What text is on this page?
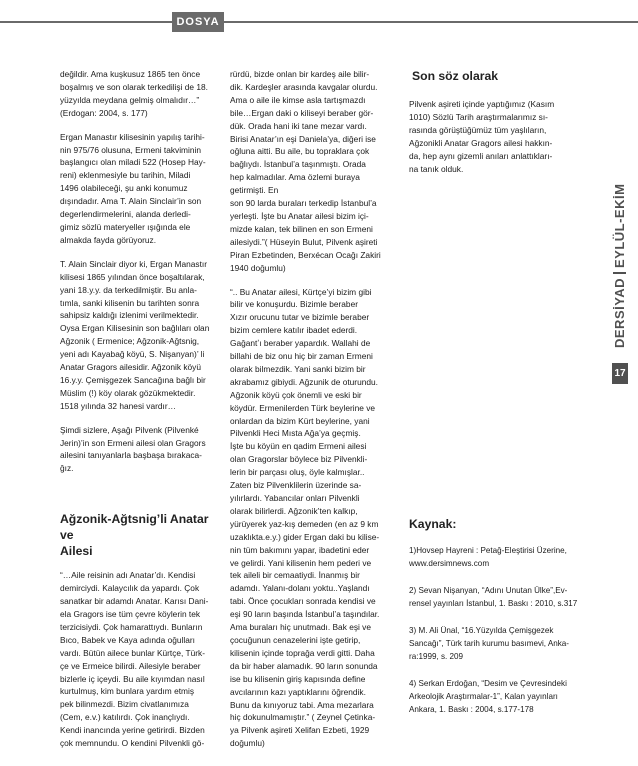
DOSYA

değildir. Ama kuşkusuz 1865 ten önce
boşalmış ve son olarak terkedilişi de 18.
yüzyılda meydana gelmiş olmalıdır…”
(Erdogan: 2004, s. 177)

Ergan Manastır kilisesinin yapılış tarihi-
nin 975/76 olusuna, Ermeni takviminin
başlangıcı olan miladi 522 (Hosep Hay-
reni) eklenmesiyle bu tarihin, Miladi
1496 olabileceği, şu anki konumuz
dışındadır. Ama T. Alain Sinclair’in son
degerlendirmelerini, alanda derledi-
gimiz sözlü materyeller ışığında ele
almakda fayda görüyoruz.

T. Alain Sinclair diyor ki, Ergan Manastır
kilisesi 1865 yılından önce boşaltılarak,
yani 18.y.y. da terkedilmiştir. Bu anla-
tımla, sanki kilisenin bu tarihten sonra
sahipsiz kaldığı izlenimi verilmektedir.
Oysa Ergan Kilisesinin son bağlıları olan
Ağzonik ( Ermenice; Ağzonik-Ağtsnig,
yeni adı Kayabağ köyü, S. Nişanyan)’ li
Anatar Gragors ailesidir. Ağzonik köyü
16.y.y. Çemişgezek Sancağına bağlı bir
Müslim (!) köy olarak gözükmektedir.
1518 yılında 32 hanesi vardır…

Şimdi sizlere, Aşağı Pilvenk (Pilvenké
Jerin)’in son Ermeni ailesi olan Gragors
ailesini tanıyanlarla başbaşa bırakaca-
ğız.

Ağzonik-Ağtsnig’li Anatar ve
Ailesi

“…Aile reisinin adı Anatar’dı. Kendisi
demirciydi. Kalaycılık da yapardı. Çok
sanatkar bir adamdı Anatar. Karısı Dani-
ela Gragors ise tüm çevre köylerin tek
terzicisiydi. Çok hamarattıydı. Bunların
Bıco, Babek ve Kaya adında oğulları
vardı. Bütün ailece bunlar Kürtçe, Türk-
çe ve Ermeice bilirdi. Ailesiyle beraber
bizlerle iç içeydi. Bu aile kıyımdan nasıl
kurtulmuş, kim bunlara yardım etmiş
pek bilinmezdi. Bizim civatlanımıza
(Cem, e.v.) katılırdı. Çok inançlıydı.
Kendi inancında yerine getirirdi. Bizden
çok memnundu. O kendini Pilvenkli gö-

rürdü, bizde onlan bir kardeş aile bilir-
dik. Kardeşler arasında kavgalar olurdu.
Ama o aile ile kimse asla tartışmazdı
bile…Ergan daki o kiliseyi beraber gör-
dük. Orada hani iki tane mezar vardı.
Birisi Anatar’ın eşi Daniela’ya, diğeri ise
oğluna aitti. Bu aile, bu topraklara çok
bağlıydı. İstanbul’a taşınmıştı. Orada
hep kalmadılar. Ama özlemi buraya getirmişti. En
son 90 larda buraları terkedip İstanbul’a
yerleşti. İşte bu Anatar ailesi bizim içi-
mizde kalan, tek bilinen en son Ermeni
ailesiydi.”( Hüseyin Bulut, Pilvenk aşireti
Piran Ezbetinden, Berxécan Ocağı Zakiri
1940 doğumlu)

“.. Bu Anatar ailesi, Kürtçe’yi bizim gibi
bilir ve konuşurdu. Bizimle beraber
Xızır orucunu tutar ve bizimle beraber
bizim cemlere katılır ibadet ederdi.
Gağantʼı beraber yapardık. Wallahi de
billahi de biz onu hiç bir zaman Ermeni
olarak bilmezdik. Yani sanki bizim bir
akrabamız gibiydi. Ağzunik de oturundu.
Ağzonik köyü çok önemli ve eski bir
köydür. Ermenilerden Türk beylerine ve
onlardan da bizim Kürt beylerine, yani
Pilvenkli Heci Mısta Ağa’ya geçmiş.
İşte bu köyün en qadim Ermeni ailesi
olan Gragorslar böylece biz Pilvenkli-
lerin bir parçası oluş, öyle kalmışlar..
Zaten biz Pilvenklilerin üzerinde sa-
yılırlardı. Yabancılar onları Pilvenkli
olarak bilirlerdi. Ağzonik’ten kalkıp,
yürüyerek yaz-kış demeden (en az 9 km
uzaklıkta.e.y.) gider Ergan daki bu kilise-
nin tüm bakımını yapar, ibadetini eder
ve gelirdi. Yani kilisenin hem pederi ve
tek aileli bir cemaatiydi. İnanmış bir
adamdı. Yalanı-dolanı yoktu..Yaşlandı
tabi. Önce çocukları sonrada kendisi ve
eşi 90 ların başında İstanbul’a taşındılar.
Ama buraları hiç unutmadı. Bak eşi ve
çocuğunun cenazelerini işte getirip,
kilisenin içinde toprağa verdi gitti. Daha
da bir haber alamadık. 90 ların sonunda
ise bu kilisenin giriş kapısında define
avcılarının kazı yaptıklarını öğrendik.
Bunu da kınıyoruz tabi. Ama mezarlara
hiç dokunulmamıştır.” ( Zeynel Çetinka-
ya Pilvenk aşireti Xelifan Ezbeti, 1929
doğumlu)

Son söz olarak

Pilvenk aşireti içinde yaptığımız (Kasım
1010) Sözlü Tarih araştırmalarımız sı-
rasında görüştüğümüz tüm yaşlıların,
Ağzonikli Anatar Gragors ailesi hakkın-
da, hep aynı gizemli anıları anlattıkları-
na tanık olduk.

Kaynak:

1)Hovsep Hayreni : Petağ-Eleştirisi Üzerine,
www.dersimnews.com

2) Sevan Nişanyan, “Adını Unutan Ülke”,Ev-
rensel yayınları İstanbul, 1. Baskı : 2010, s.317

3) M. Ali Ünal, “16.Yüzyılda Çemişgezek
Sancağı”, Türk tarih kurumu basımevi, Anka-
ra:1999, s. 209

4) Serkan Erdoğan, “Desim ve Çevresindeki
Arkeolojik Araştırmalar-1”, Kalan yayınları
Ankara, 1. Baskı : 2004, s.177-178

DERSİYADEYLÜL-EKİM
17
